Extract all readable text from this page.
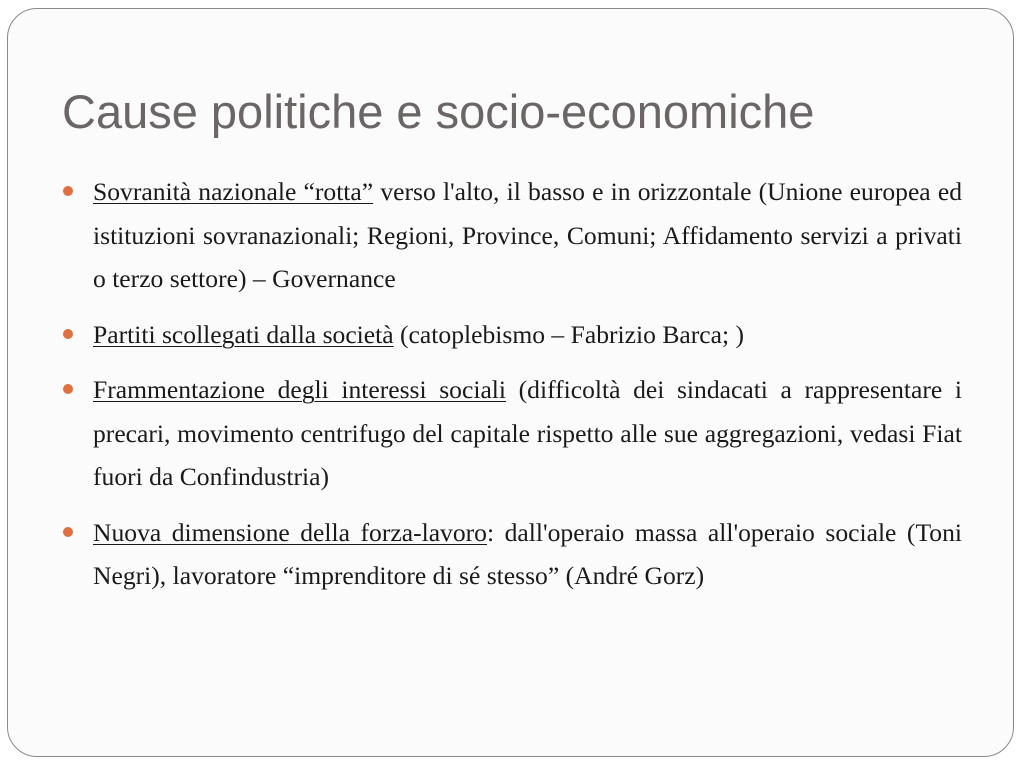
Cause politiche e socio-economiche
Sovranità nazionale “rotta” verso l'alto, il basso e in orizzontale (Unione europea ed istituzioni sovranazionali; Regioni, Province, Comuni; Affidamento servizi a privati o terzo settore) – Governance
Partiti scollegati dalla società (catoplebismo – Fabrizio Barca; )
Frammentazione degli interessi sociali (difficoltà dei sindacati a rappresentare i precari, movimento centrifugo del capitale rispetto alle sue aggregazioni, vedasi Fiat fuori da Confindustria)
Nuova dimensione della forza-lavoro: dall'operaio massa all'operaio sociale (Toni Negri), lavoratore “imprenditore di sé stesso” (André Gorz)
